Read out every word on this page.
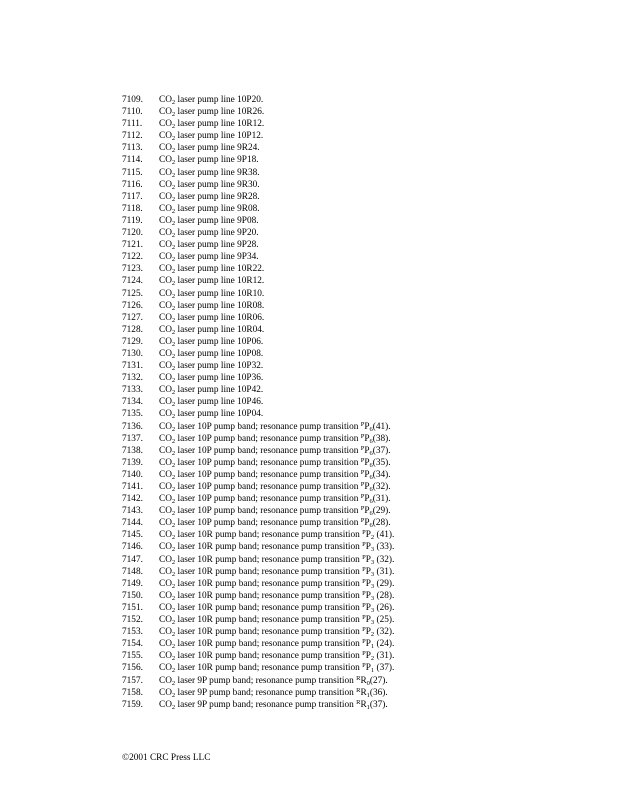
7109. $CO_2$ laser pump line 10P20.
7110. $CO_2$ laser pump line 10R26.
7111. $CO_2$ laser pump line 10R12.
7112. $CO_2$ laser pump line 10P12.
7113. $CO_2$ laser pump line 9R24.
7114. $CO_2$ laser pump line 9P18.
7115. $CO_2$ laser pump line 9R38.
7116. $CO_2$ laser pump line 9R30.
7117. $CO_2$ laser pump line 9R28.
7118. $CO_2$ laser pump line 9R08.
7119. $CO_2$ laser pump line 9P08.
7120. $CO_2$ laser pump line 9P20.
7121. $CO_2$ laser pump line 9P28.
7122. $CO_2$ laser pump line 9P34.
7123. $CO_2$ laser pump line 10R22.
7124. $CO_2$ laser pump line 10R12.
7125. $CO_2$ laser pump line 10R10.
7126. $CO_2$ laser pump line 10R08.
7127. $CO_2$ laser pump line 10R06.
7128. $CO_2$ laser pump line 10R04.
7129. $CO_2$ laser pump line 10P06.
7130. $CO_2$ laser pump line 10P08.
7131. $CO_2$ laser pump line 10P32.
7132. $CO_2$ laser pump line 10P36.
7133. $CO_2$ laser pump line 10P42.
7134. $CO_2$ laser pump line 10P46.
7135. $CO_2$ laser pump line 10P04.
7136. $CO_2$ laser 10P pump band; resonance pump transition $^PP_6(41)$.
7137. $CO_2$ laser 10P pump band; resonance pump transition $^PP_6(38)$.
7138. $CO_2$ laser 10P pump band; resonance pump transition $^PP_6(37)$.
7139. $CO_2$ laser 10P pump band; resonance pump transition $^PP_6(35)$.
7140. $CO_2$ laser 10P pump band; resonance pump transition $^PP_6(34)$.
7141. $CO_2$ laser 10P pump band; resonance pump transition $^PP_6(32)$.
7142. $CO_2$ laser 10P pump band; resonance pump transition $^PP_6(31)$.
7143. $CO_2$ laser 10P pump band; resonance pump transition $^PP_6(29)$.
7144. $CO_2$ laser 10P pump band; resonance pump transition $^PP_6(28)$.
7145. $CO_2$ laser 10R pump band; resonance pump transition $^PP_2$ (41).
7146. $CO_2$ laser 10R pump band; resonance pump transition $^PP_3$ (33).
7147. $CO_2$ laser 10R pump band; resonance pump transition $^PP_3$ (32).
7148. $CO_2$ laser 10R pump band; resonance pump transition $^PP_3$ (31).
7149. $CO_2$ laser 10R pump band; resonance pump transition $^PP_3$ (29).
7150. $CO_2$ laser 10R pump band; resonance pump transition $^PP_3$ (28).
7151. $CO_2$ laser 10R pump band; resonance pump transition $^PP_3$ (26).
7152. $CO_2$ laser 10R pump band; resonance pump transition $^PP_3$ (25).
7153. $CO_2$ laser 10R pump band; resonance pump transition $^PP_2$ (32).
7154. $CO_2$ laser 10R pump band; resonance pump transition $^PP_1$ (24).
7155. $CO_2$ laser 10R pump band; resonance pump transition $^PP_2$ (31).
7156. $CO_2$ laser 10R pump band; resonance pump transition $^PP_1$ (37).
7157. $CO_2$ laser 9P pump band; resonance pump transition $^RR_0(27)$.
7158. $CO_2$ laser 9P pump band; resonance pump transition $^RR_1(36)$.
7159. $CO_2$ laser 9P pump band; resonance pump transition $^RR_1(37)$.
©2001 CRC Press LLC
